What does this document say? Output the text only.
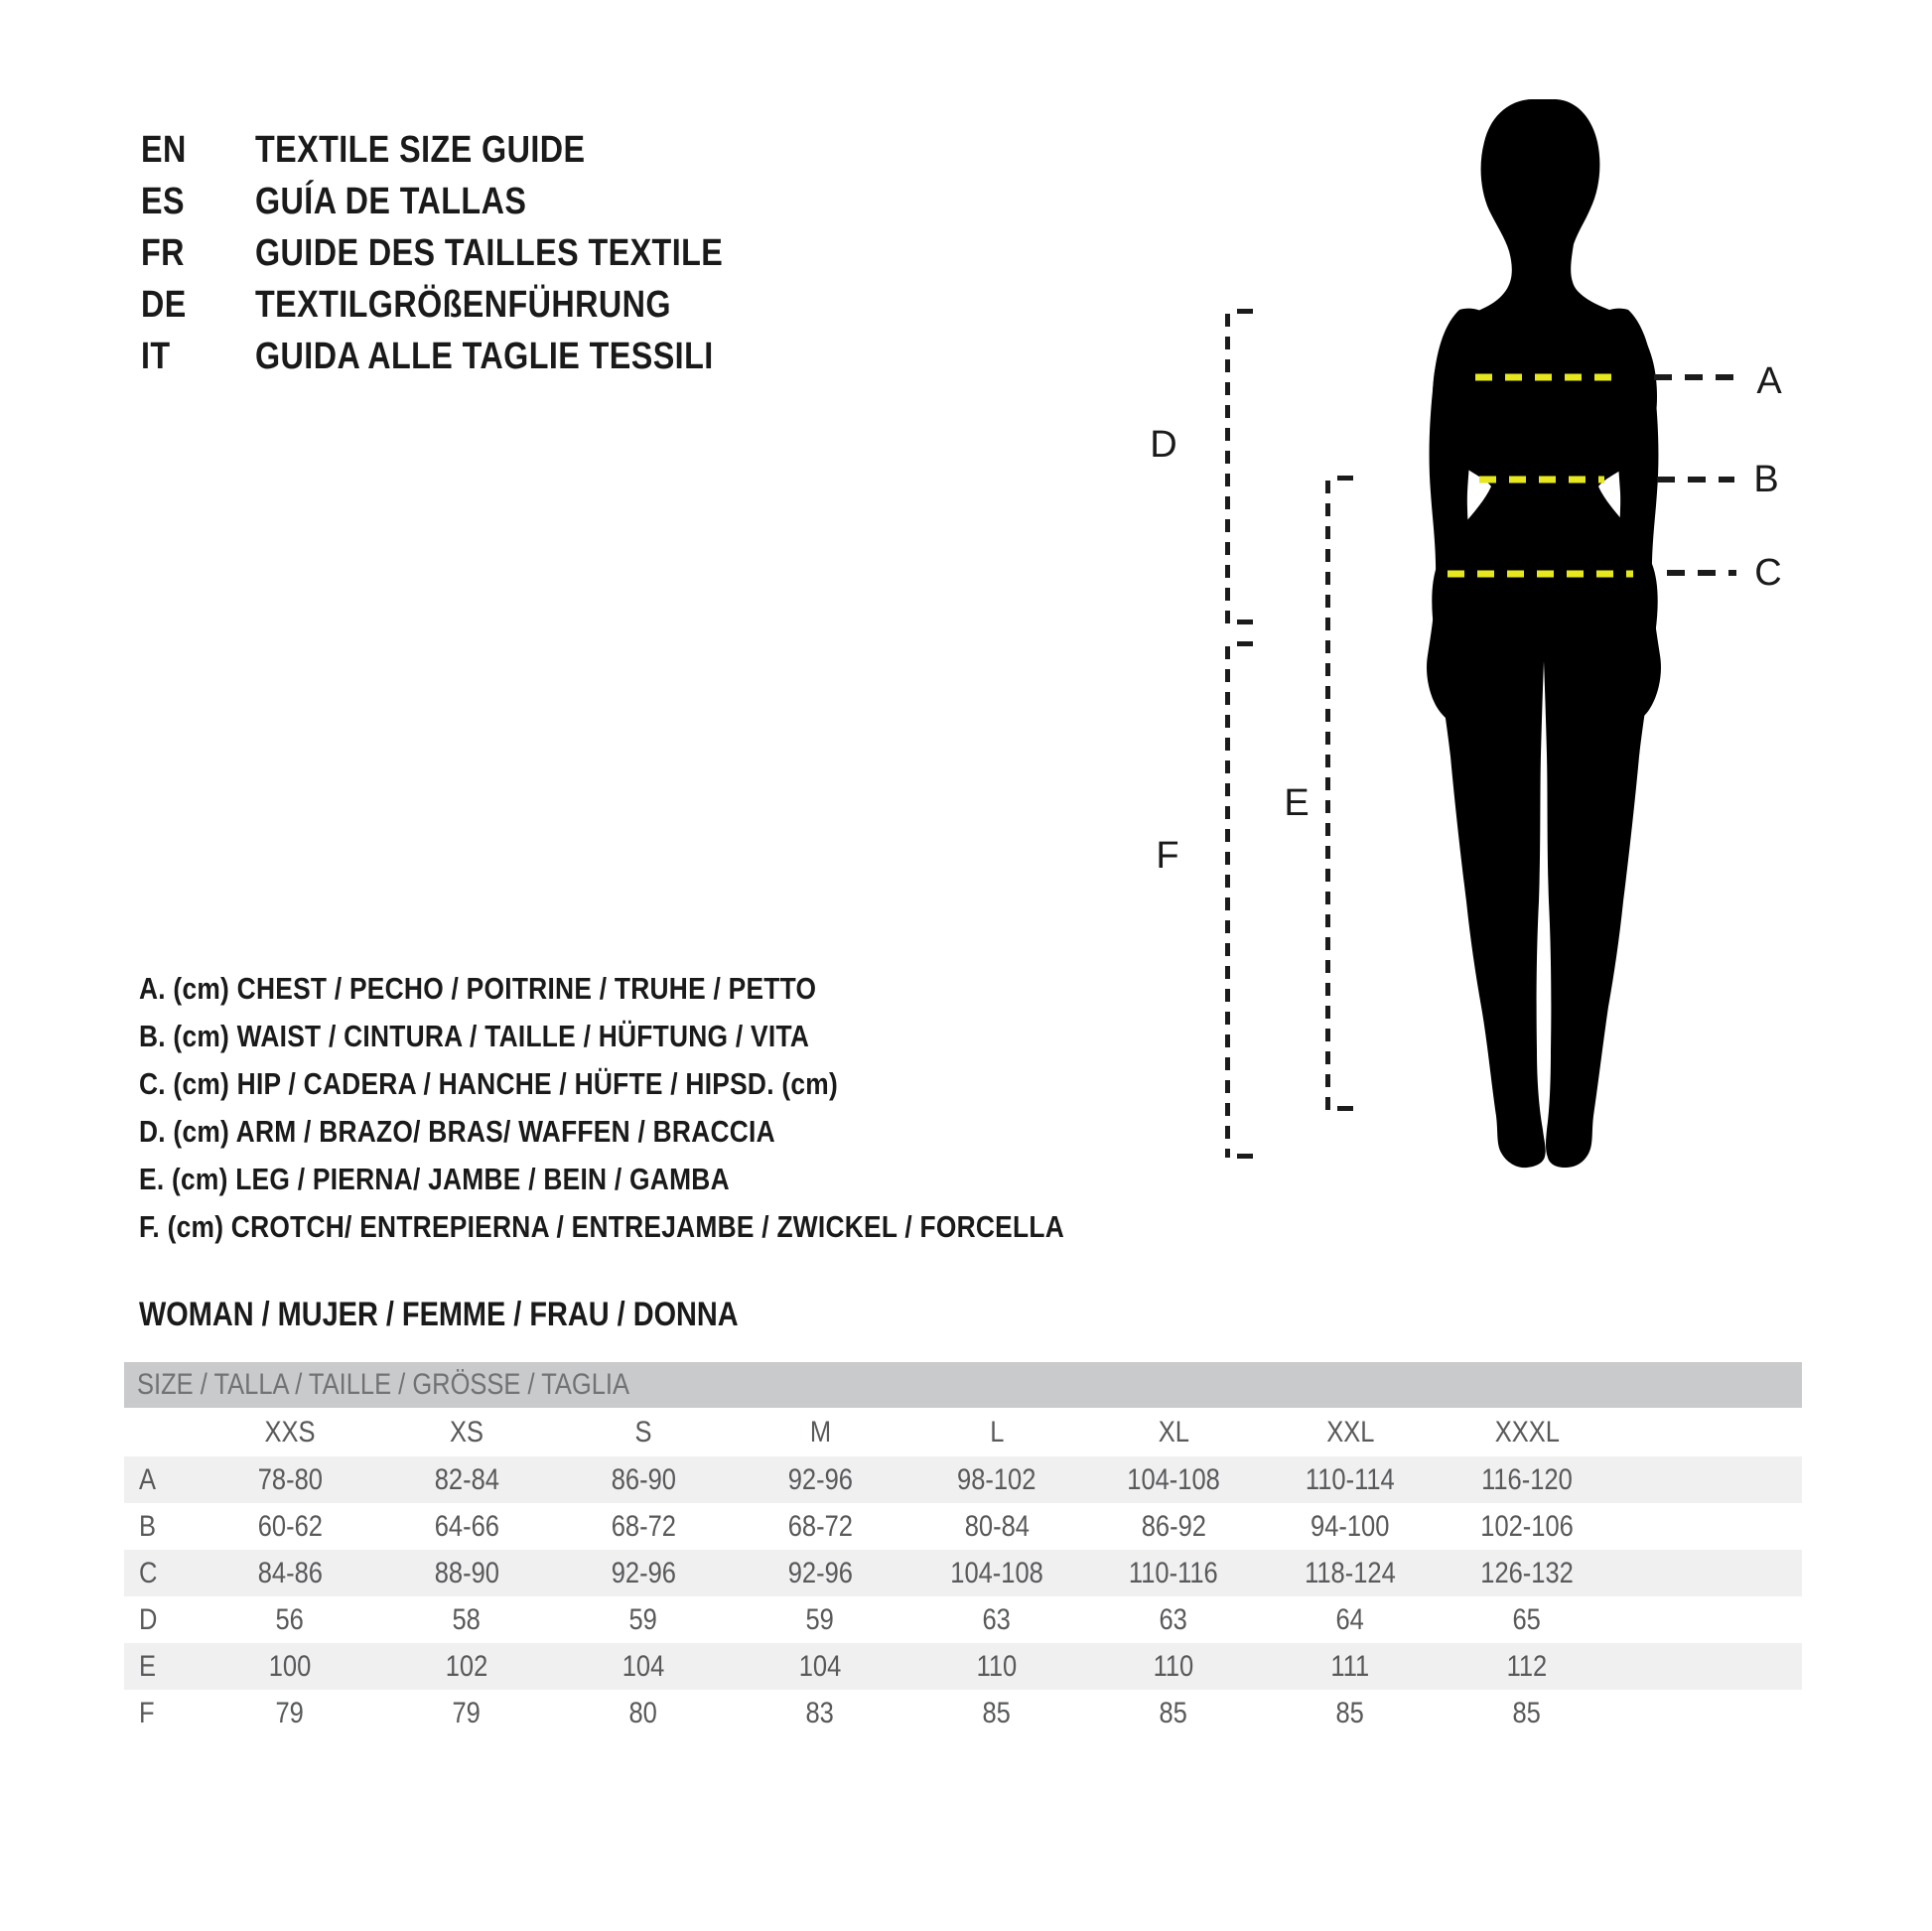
EN TEXTILE SIZE GUIDE
ES GUÍA DE TALLAS
FR GUIDE DES TAILLES TEXTILE
DE TEXTILGRÖßENFÜHRUNG
IT GUIDA ALLE TAGLIE TESSILI
A. (cm) CHEST / PECHO / POITRINE / TRUHE / PETTO
B. (cm) WAIST / CINTURA / TAILLE / HÜFTUNG / VITA
C. (cm) HIP / CADERA / HANCHE / HÜFTE / HIPSD. (cm)
D. (cm) ARM / BRAZO/ BRAS/ WAFFEN / BRACCIA
E. (cm) LEG / PIERNA/ JAMBE / BEIN / GAMBA
F. (cm) CROTCH/ ENTREPIERNA / ENTREJAMBE / ZWICKEL / FORCELLA
WOMAN / MUJER / FEMME / FRAU / DONNA
SIZE / TALLA / TAILLE / GRÖSSE / TAGLIA
XXS	XS	S	M	L	XL	XXL	XXXL
A	78-80	82-84	86-90	92-96	98-102	104-108	110-114	116-120
B	60-62	64-66	68-72	68-72	80-84	86-92	94-100	102-106
C	84-86	88-90	92-96	92-96	104-108	110-116	118-124	126-132
D	56	58	59	59	63	63	64	65
E	100	102	104	104	110	110	111	112
F	79	79	80	83	85	85	85	85
A
B
C
D
E
F
